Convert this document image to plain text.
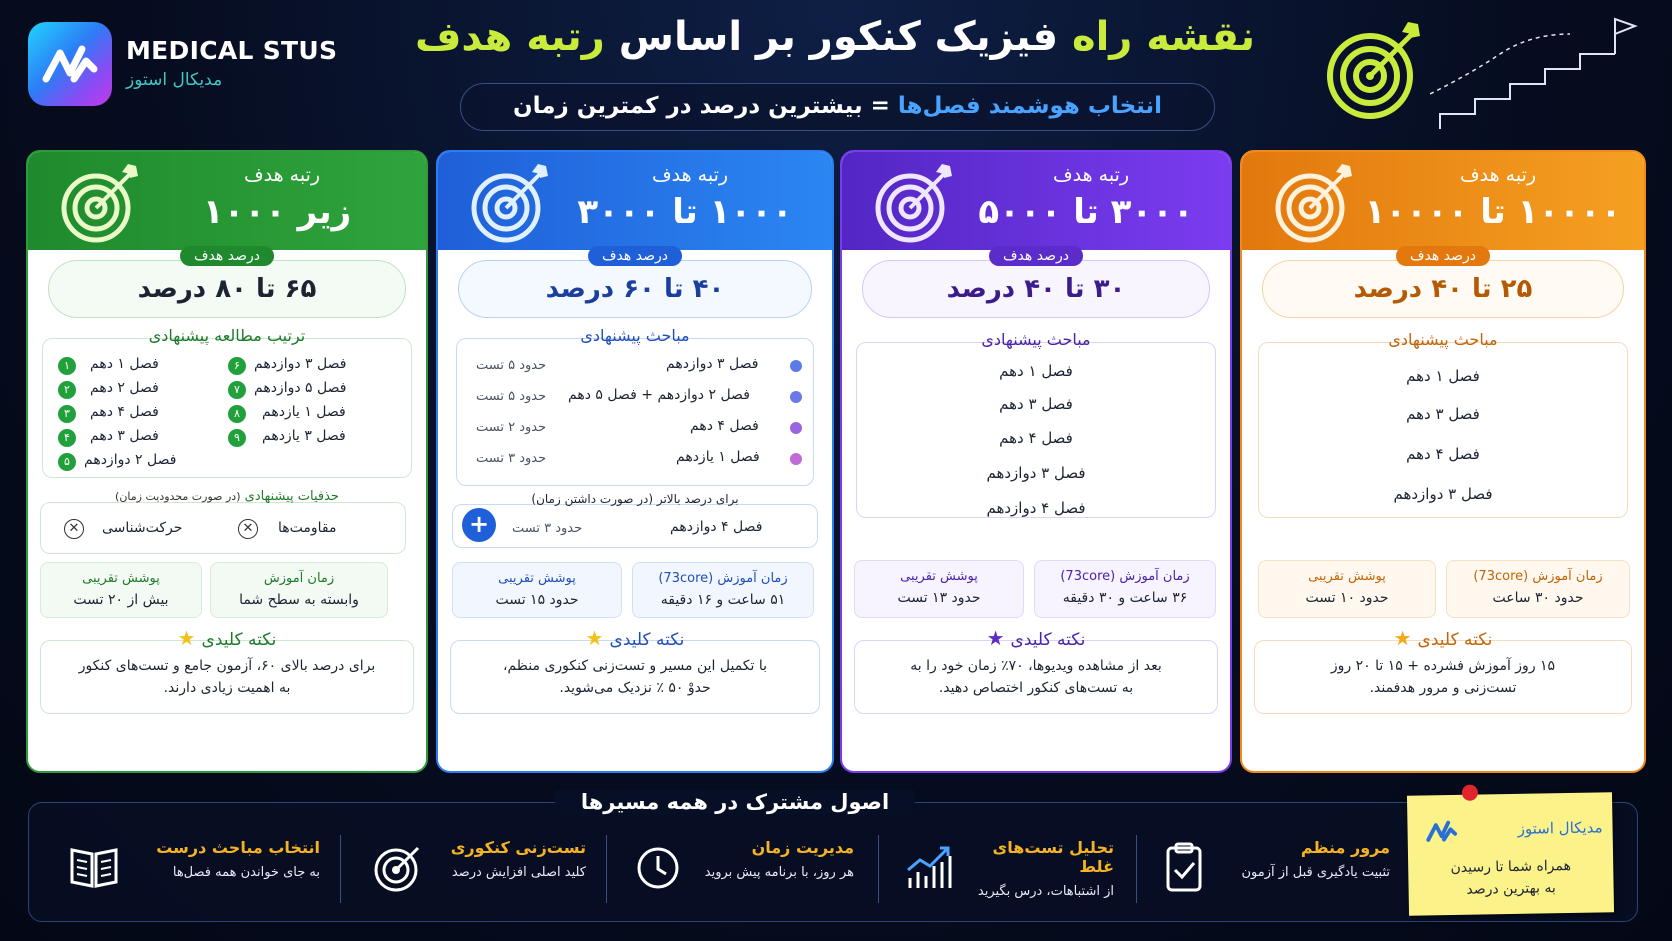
MEDICAL STUS
مدیکال استوز
نقشه راه فیزیک کنکور بر اساس رتبه هدف
انتخاب هوشمند فصل‌ها = بیشترین درصد در کمترین زمان
رتبه هدف
زیر ۱۰۰۰
درصد هدف
۶۵ تا ۸۰ درصد
ترتیب مطالعه پیشنهادی
۱	فصل ۱ دهم
۲	فصل ۲ دهم
۳	فصل ۴ دهم
۴	فصل ۳ دهم
۵	فصل ۲ دوازدهم
۶	فصل ۳ دوازدهم
۷	فصل ۵ دوازدهم
۸	فصل ۱ یازدهم
۹	فصل ۳ یازدهم
حذفیات پیشنهادی (در صورت محدودیت زمان)
✕	مقاومت‌ها
✕	حرکت‌شناسی
زمان آموزش
وابسته به سطح شما
پوشش تقریبی
بیش از ۲۰ تست
نکته کلیدی★
برای درصد بالای ۶۰، آزمون جامع و تست‌های کنکور
به اهمیت زیادی دارند.
رتبه هدف
۱۰۰۰ تا ۳۰۰۰
درصد هدف
۴۰ تا ۶۰ درصد
مباحث پیشنهادی
فصل ۳ دوازدهم
حدود ۵ تست
فصل ۲ دوازدهم + فصل ۵ دهم
حدود ۵ تست
فصل ۴ دهم
حدود ۲ تست
فصل ۱ یازدهم
حدود ۳ تست
برای درصد بالاتر (در صورت داشتن زمان)
+	فصل ۴ دوازدهم
حدود ۳ تست
زمان آموزش (73core)
۵۱ ساعت و ۱۶ دقیقه
پوشش تقریبی
حدود ۱۵ تست
نکته کلیدی★
با تکمیل این مسیر و تست‌زنی کنکوری منظم،
حدوْ ۵۰ ٪ نزدیک می‌شوید.
رتبه هدف
۳۰۰۰ تا ۵۰۰۰
درصد هدف
۳۰ تا ۴۰ درصد
مباحث پیشنهادی
فصل ۱ دهم
فصل ۳ دهم
فصل ۴ دهم
فصل ۳ دوازدهم
فصل ۴ دوازدهم
زمان آموزش (73core)
۳۶ ساعت و ۳۰ دقیقه
پوشش تقریبی
حدود ۱۳ تست
نکته کلیدی★
بعد از مشاهده ویدیوها، ۷۰٪ زمان خود را به
به تست‌های کنکور اختصاص دهید.
رتبه هدف
۱۰۰۰۰ تا ۱۰۰۰۰
درصد هدف
۲۵ تا ۴۰ درصد
مباحث پیشنهادی
فصل ۱ دهم
فصل ۳ دهم
فصل ۴ دهم
فصل ۳ دوازدهم
زمان آموزش (73core)
حدود ۳۰ ساعت
پوشش تقریبی
حدود ۱۰ تست
نکته کلیدی★
۱۵ روز آموزش فشرده + ۱۵ تا ۲۰ روز
تست‌زنی و مرور هدفمند.
اصول مشترک در همه مسیرها
انتخاب مباحث درست
به جای خواندن همه فصل‌ها
تست‌زنی کنکوری
کلید اصلی افزایش درصد
مدیریت زمان
هر روز، با برنامه پیش بروید
تحلیل تست‌های غلط
از اشتباهات، درس بگیرید
مرور منظم
تثبیت یادگیری قبل از آزمون
مدیکال استوز
همراه شما تا رسیدن
به بهترین درصد
